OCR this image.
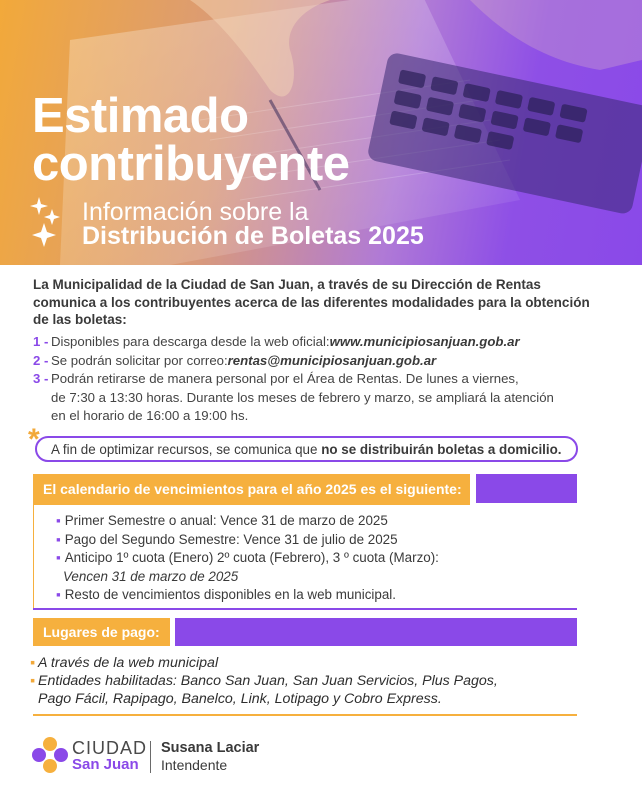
Estimado
contribuyente
Información sobre la
Distribución de Boletas 2025
La Municipalidad de la Ciudad de San Juan, a través de su Dirección de Rentas comunica a los contribuyentes acerca de las diferentes modalidades para la obtención de las boletas:
1 - Disponibles para descarga desde la web oficial: www.municipiosanjuan.gob.ar
2 - Se podrán solicitar por correo: rentas@municipiosanjuan.gob.ar
3 - Podrán retirarse de manera personal por el Área de Rentas. De lunes a viernes,
de 7:30 a 13:30 horas. Durante los meses de febrero y marzo, se ampliará la atención
en el horario de 16:00 a 19:00 hs.
* A fin de optimizar recursos, se comunica que
no se distribuirán boletas a domicilio.
El calendario de vencimientos para el año 2025 es el siguiente:
▪ Primer Semestre o anual: Vence 31 de marzo de 2025
▪ Pago del Segundo Semestre: Vence 31 de julio de 2025
▪ Anticipo 1º cuota (Enero) 2º cuota (Febrero), 3 º cuota (Marzo):
Vencen 31 de marzo de 2025
▪ Resto de vencimientos disponibles en la web municipal.
Lugares de pago:
▪ A través de la web municipal
▪ Entidades habilitadas: Banco San Juan, San Juan Servicios, Plus Pagos,
Pago Fácil, Rapipago, Banelco, Link, Lotipago y Cobro Express.
CIUDAD
San Juan
Susana Laciar
Intendente
